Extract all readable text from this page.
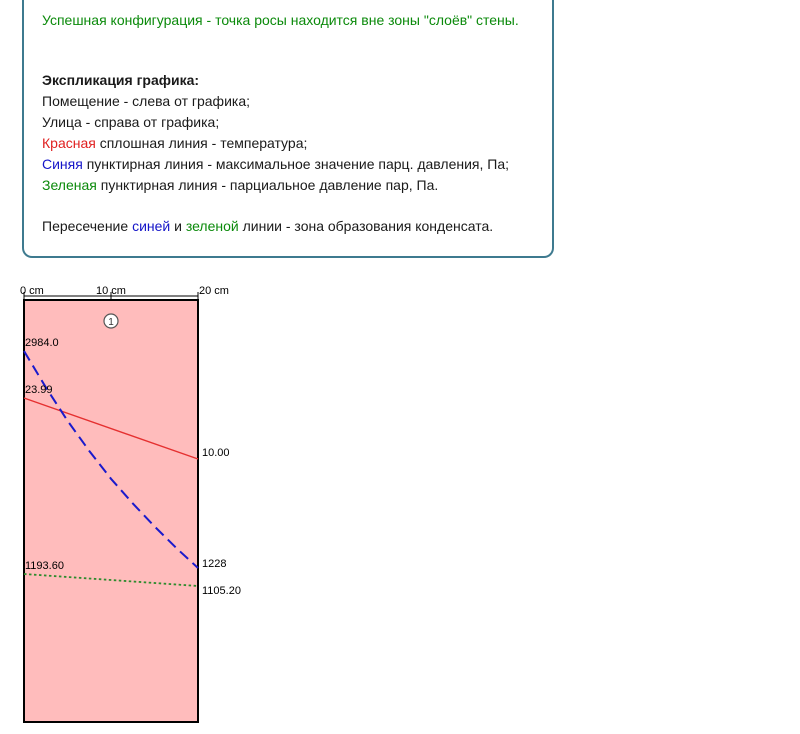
Успешная конфигурация - точка росы находится вне зоны "слоёв" стены.
Экспликация графика:
Помещение - слева от графика;
Улица - справа от графика;
Красная сплошная линия - температура;
Синяя пунктирная линия - максимальное значение парц. давления, Па;
Зеленая пунктирная линия - парциальное давление пар, Па.
Пересечение синей и зеленой линии - зона образования конденсата.
0 cm	10 cm	20 cm
1
23.99
10.00
2984.0
1228
1193.60
1105.20
